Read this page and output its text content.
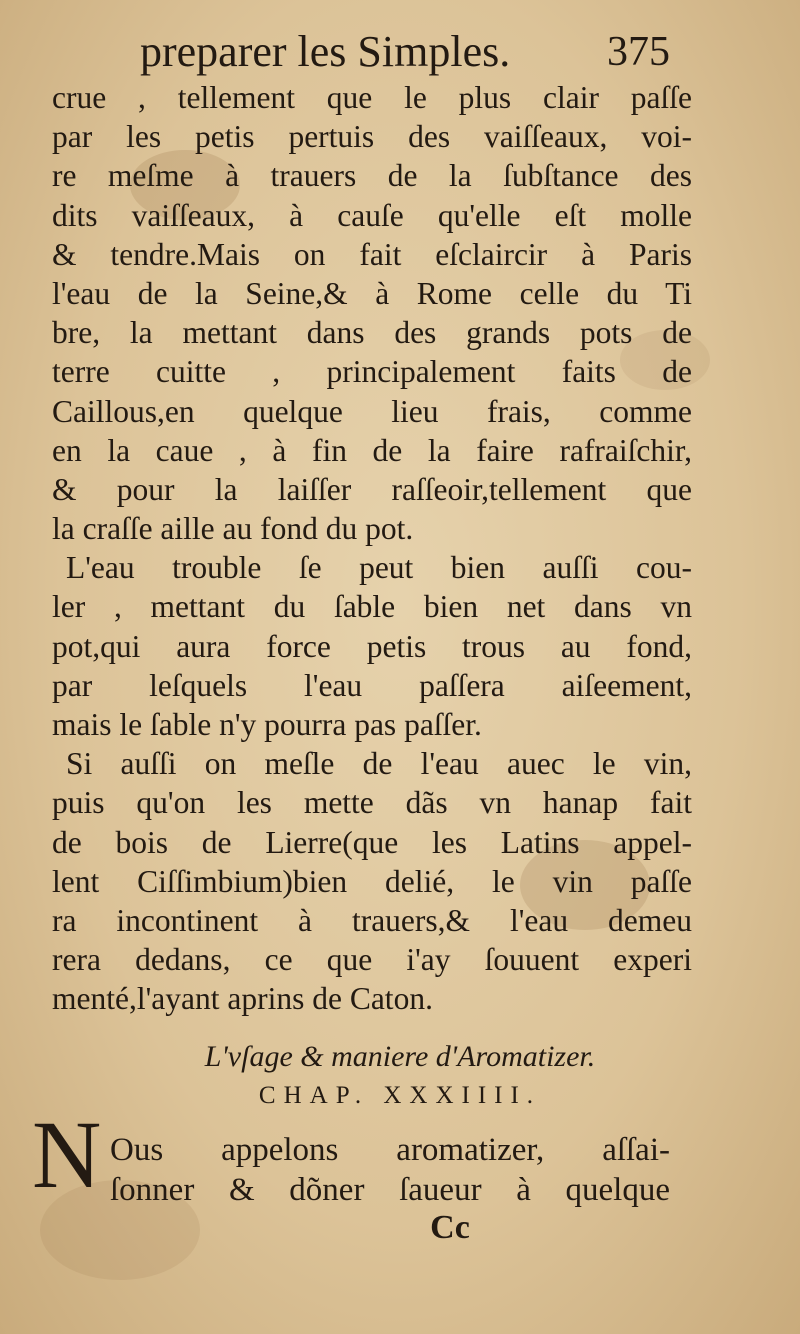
preparer les Simples. 375
crue , tellement que le plus clair paſſe
par les petis pertuis des vaiſſeaux, voi-
re meſme à trauers de la ſubſtance des
dits vaiſſeaux, à cauſe qu'elle eſt molle
& tendre.Mais on fait eſclaircir à Paris
l'eau de la Seine,& à Rome celle du Ti
bre, la mettant dans des grands pots de
terre cuitte , principalement faits de
Caillous,en quelque lieu frais, comme
en la caue , à fin de la faire rafraiſchir,
& pour la laiſſer raſſeoir,tellement que
la craſſe aille au fond du pot.
L'eau trouble ſe peut bien auſſi cou-
ler , mettant du ſable bien net dans vn
pot,qui aura force petis trous au fond,
par leſquels l'eau paſſera aiſeement,
mais le ſable n'y pourra pas paſſer.
Si auſſi on meſle de l'eau auec le vin,
puis qu'on les mette dãs vn hanap fait
de bois de Lierre(que les Latins appel-
lent Ciſſimbium)bien delié, le vin paſſe
ra incontinent à trauers,& l'eau demeu
rera dedans, ce que i'ay ſouuent experi
menté,l'ayant aprins de Caton.
L'vſage & maniere d'Aromatizer.
CHAP. XXXIIII.
N Ous appelons aromatizer, aſſai-
ſonner & dõner ſaueur à quelque
Cc
